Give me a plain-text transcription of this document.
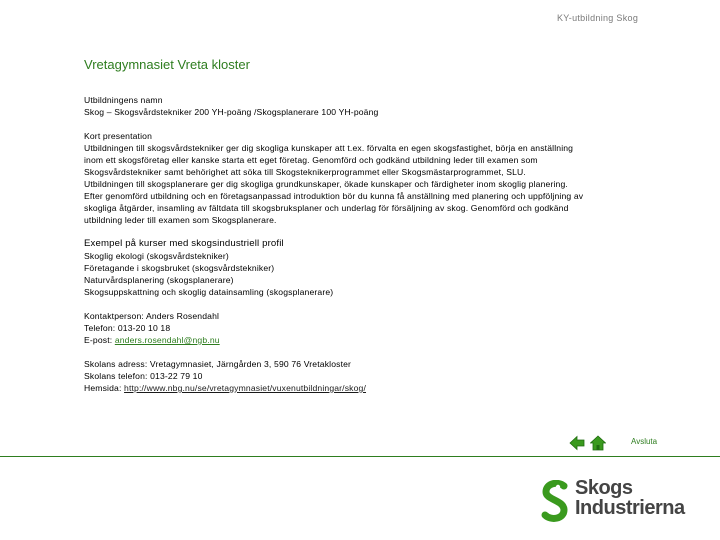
KY-utbildning Skog
Vretagymnasiet Vreta kloster
Utbildningens namn
Skog – Skogsvårdstekniker 200 YH-poäng /Skogsplanerare 100 YH-poäng
Kort presentation
Utbildningen till skogsvårdstekniker ger dig skogliga kunskaper att t.ex. förvalta en egen skogsfastighet, börja en anställning
inom ett skogsföretag eller kanske starta ett eget företag. Genomförd och godkänd utbildning leder till examen som
Skogsvårdstekniker samt behörighet att söka till Skogsteknikerprogrammet eller Skogsmästarprogrammet, SLU.
Utbildningen till skogsplanerare ger dig skogliga grundkunskaper, ökade kunskaper och färdigheter inom skoglig planering.
Efter genomförd utbildning och en företagsanpassad introduktion bör du kunna få anställning med planering och uppföljning av
skogliga åtgärder, insamling av fältdata till skogsbruksplaner och underlag för försäljning av skog. Genomförd och godkänd
utbildning leder till examen som Skogsplanerare.
Exempel på kurser med skogsindustriell profil
Skoglig ekologi (skogsvårdstekniker)
Företagande i skogsbruket (skogsvårdstekniker)
Naturvårdsplanering (skogsplanerare)
Skogsuppskattning och skoglig datainsamling (skogsplanerare)
Kontaktperson: Anders Rosendahl
Telefon: 013-20 10 18
E-post: anders.rosendahl@ngb.nu
Skolans adress: Vretagymnasiet, Järngården 3, 590 76 Vretakloster
Skolans telefon: 013-22 79 10
Hemsida: http://www.nbg.nu/se/vretagymnasiet/vuxenutbildningar/skog/
Avsluta
Skogs
Industrierna
